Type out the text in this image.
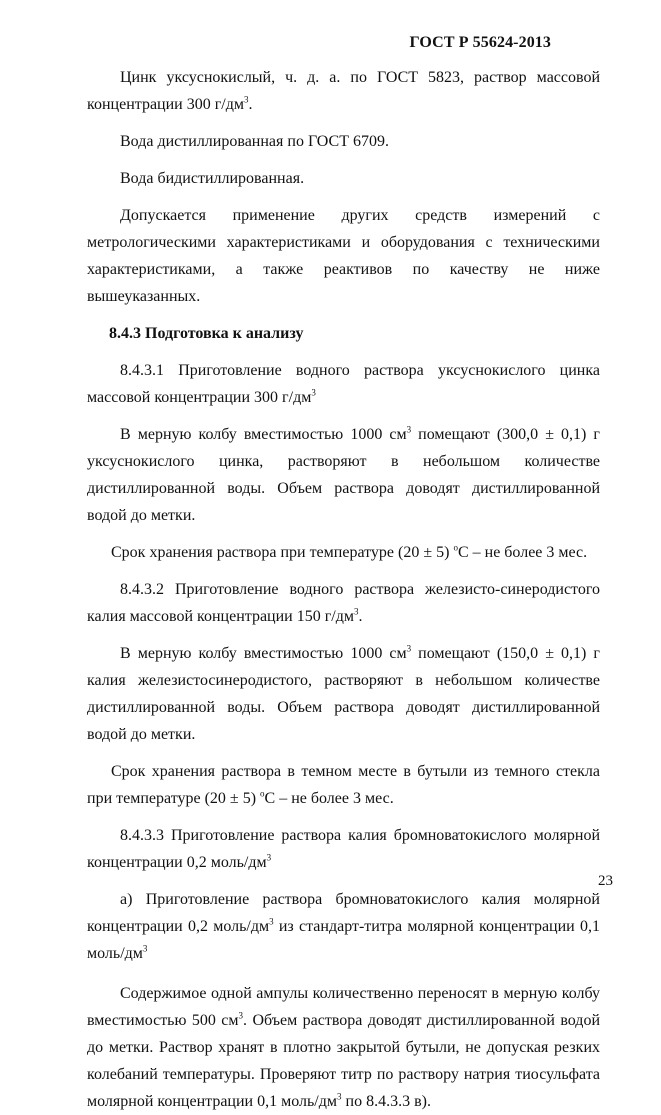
ГОСТ Р 55624-2013

Цинк уксуснокислый, ч. д. а. по ГОСТ 5823, раствор массовой концентрации 300 $г/дм^3$.

Вода дистиллированная по ГОСТ 6709.

Вода бидистиллированная.

Допускается применение других средств измерений с метрологическими характеристиками и оборудования с техническими характеристиками, а также реактивов по качеству не ниже вышеуказанных.

8.4.3 Подготовка к анализу

8.4.3.1 Приготовление водного раствора уксуснокислого цинка массовой концентрации 300 $г/дм^3$

В мерную колбу вместимостью 1000 $см^3$ помещают (300,0 ± 0,1) г уксуснокислого цинка, растворяют в небольшом количестве дистиллированной воды. Объем раствора доводят дистиллированной водой до метки.

Срок хранения раствора при температуре (20 ± 5) $^o$С – не более 3 мес.

8.4.3.2 Приготовление водного раствора железисто-синеродистого калия массовой концентрации 150 $г/дм^3$.

В мерную колбу вместимостью 1000 $см^3$ помещают (150,0 ± 0,1) г калия железистосинеродистого, растворяют в небольшом количестве дистиллированной воды. Объем раствора доводят дистиллированной водой до метки.

Срок хранения раствора в темном месте в бутыли из темного стекла при температуре (20 ± 5) $^o$С – не более 3 мес.

8.4.3.3 Приготовление раствора калия бромноватокислого молярной концентрации 0,2 моль/$дм^3$

а) Приготовление раствора бромноватокислого калия молярной концентрации 0,2 моль/$дм^3$ из стандарт-титра молярной концентрации 0,1 моль/$дм^3$

Содержимое одной ампулы количественно переносят в мерную колбу вместимостью 500 $см^3$. Объем раствора доводят дистиллированной водой до метки. Раствор хранят в плотно закрытой бутыли, не допуская резких колебаний температуры. Проверяют титр по раствору натрия тиосульфата молярной концентрации 0,1 моль/$дм^3$ по 8.4.3.3 в).

23
